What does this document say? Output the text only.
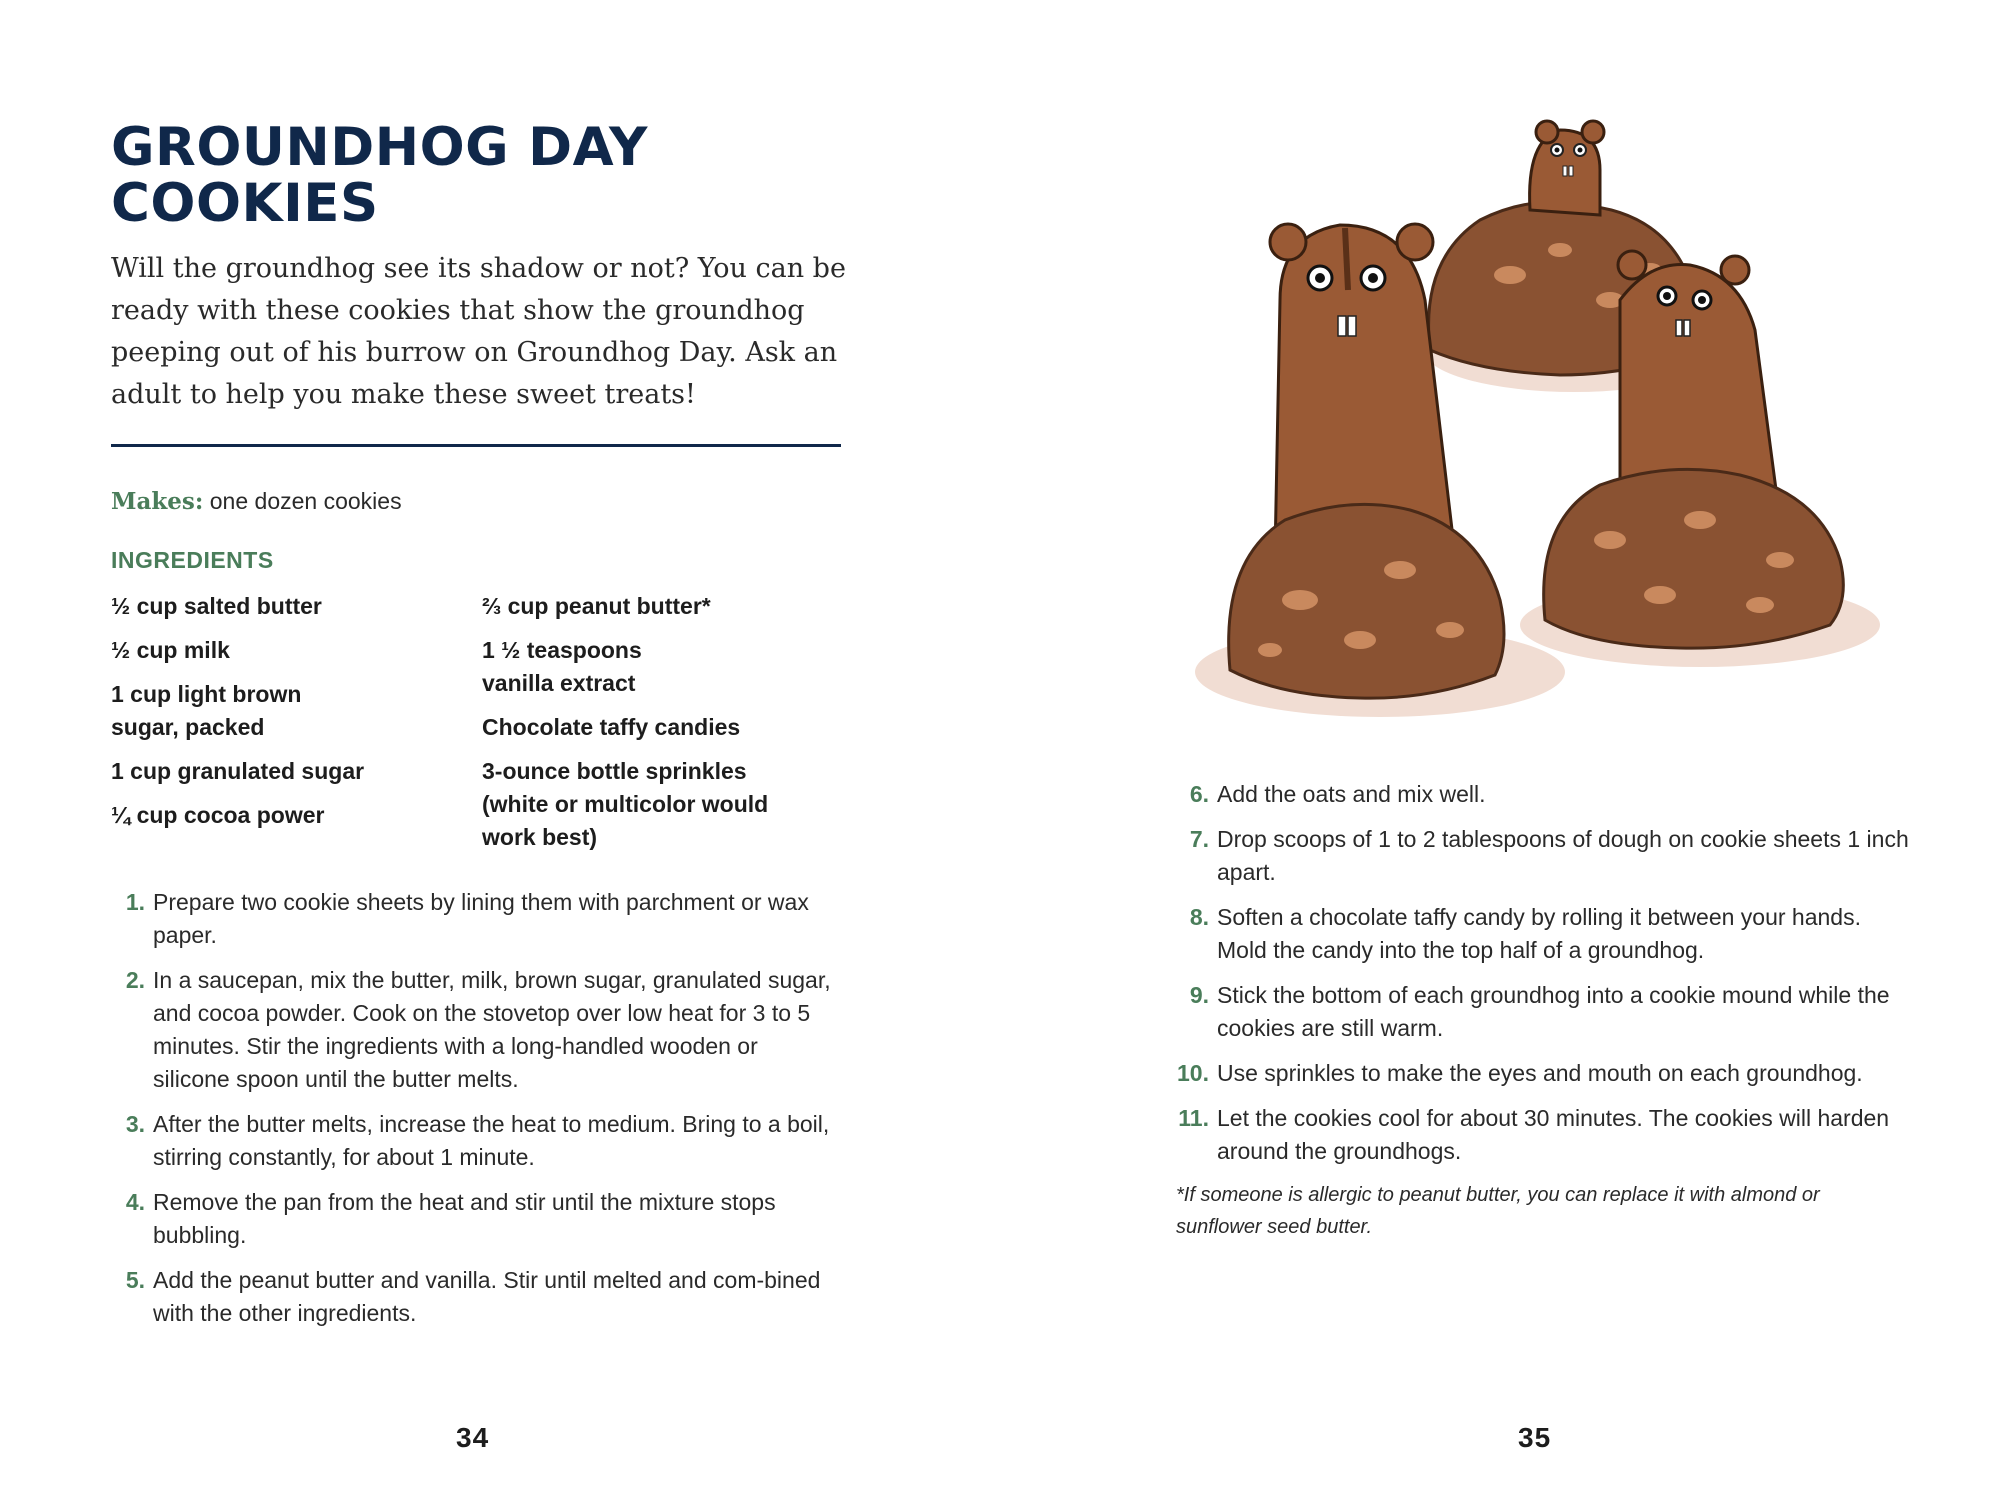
GROUNDHOG DAY
COOKIES

Will the groundhog see its shadow or not? You can be ready with these cookies that show the groundhog peeping out of his burrow on Groundhog Day. Ask an adult to help you make these sweet treats!

Makes: one dozen cookies
INGREDIENTS
½ cup salted butter
½ cup milk
1 cup light brown
sugar, packed
1 cup granulated sugar
¼ cup cocoa power
⅔ cup peanut butter*
1 ½ teaspoons
vanilla extract
Chocolate taffy candies
3-ounce bottle sprinkles
(white or multicolor would
work best)
1. Prepare two cookie sheets by lining them with parchment or wax paper.
2. In a saucepan, mix the butter, milk, brown sugar, granulated sugar, and cocoa powder. Cook on the stovetop over low heat for 3 to 5 minutes. Stir the ingredients with a long-handled wooden or silicone spoon until the butter melts.
3. After the butter melts, increase the heat to medium. Bring to a boil, stirring constantly, for about 1 minute.
4. Remove the pan from the heat and stir until the mixture stops bubbling.
5. Add the peanut butter and vanilla. Stir until melted and com-bined with the other ingredients.
34
6. Add the oats and mix well.
7. Drop scoops of 1 to 2 tablespoons of dough on cookie sheets 1 inch apart.
8. Soften a chocolate taffy candy by rolling it between your hands. Mold the candy into the top half of a groundhog.
9. Stick the bottom of each groundhog into a cookie mound while the cookies are still warm.
10. Use sprinkles to make the eyes and mouth on each groundhog.
11. Let the cookies cool for about 30 minutes. The cookies will harden around the groundhogs.

*If someone is allergic to peanut butter, you can replace it with almond or sunflower seed butter.

35
